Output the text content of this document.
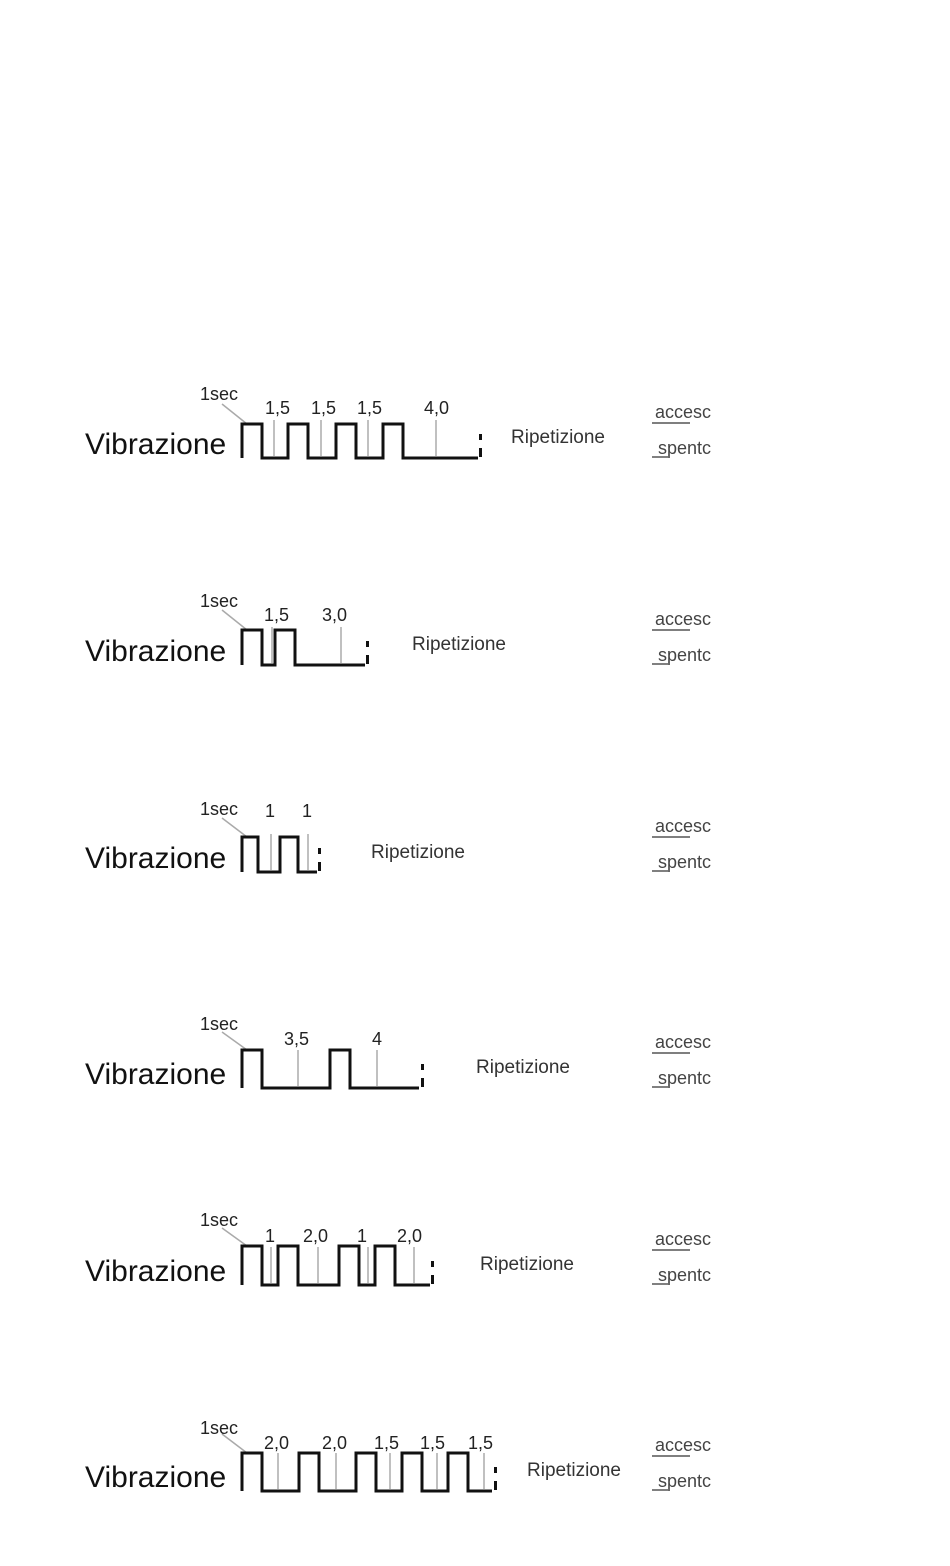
Vibrazione
1sec
1,5 1,5 1,5 4,0
Ripetizione
accesc
spentc
Vibrazione
1sec
1,5 3,0
Ripetizione
accesc
spentc
Vibrazione
1sec 1 1
Ripetizione
accesc
spentc
Vibrazione
1sec
3,5	4
Ripetizione
accesc
spentc
Vibrazione
1sec
1 2,0 1 2,0
Ripetizione
accesc
spentc
Vibrazione
1sec
2,0 2,0 1,5 1,5 1,5
Ripetizione
accesc
spentc
